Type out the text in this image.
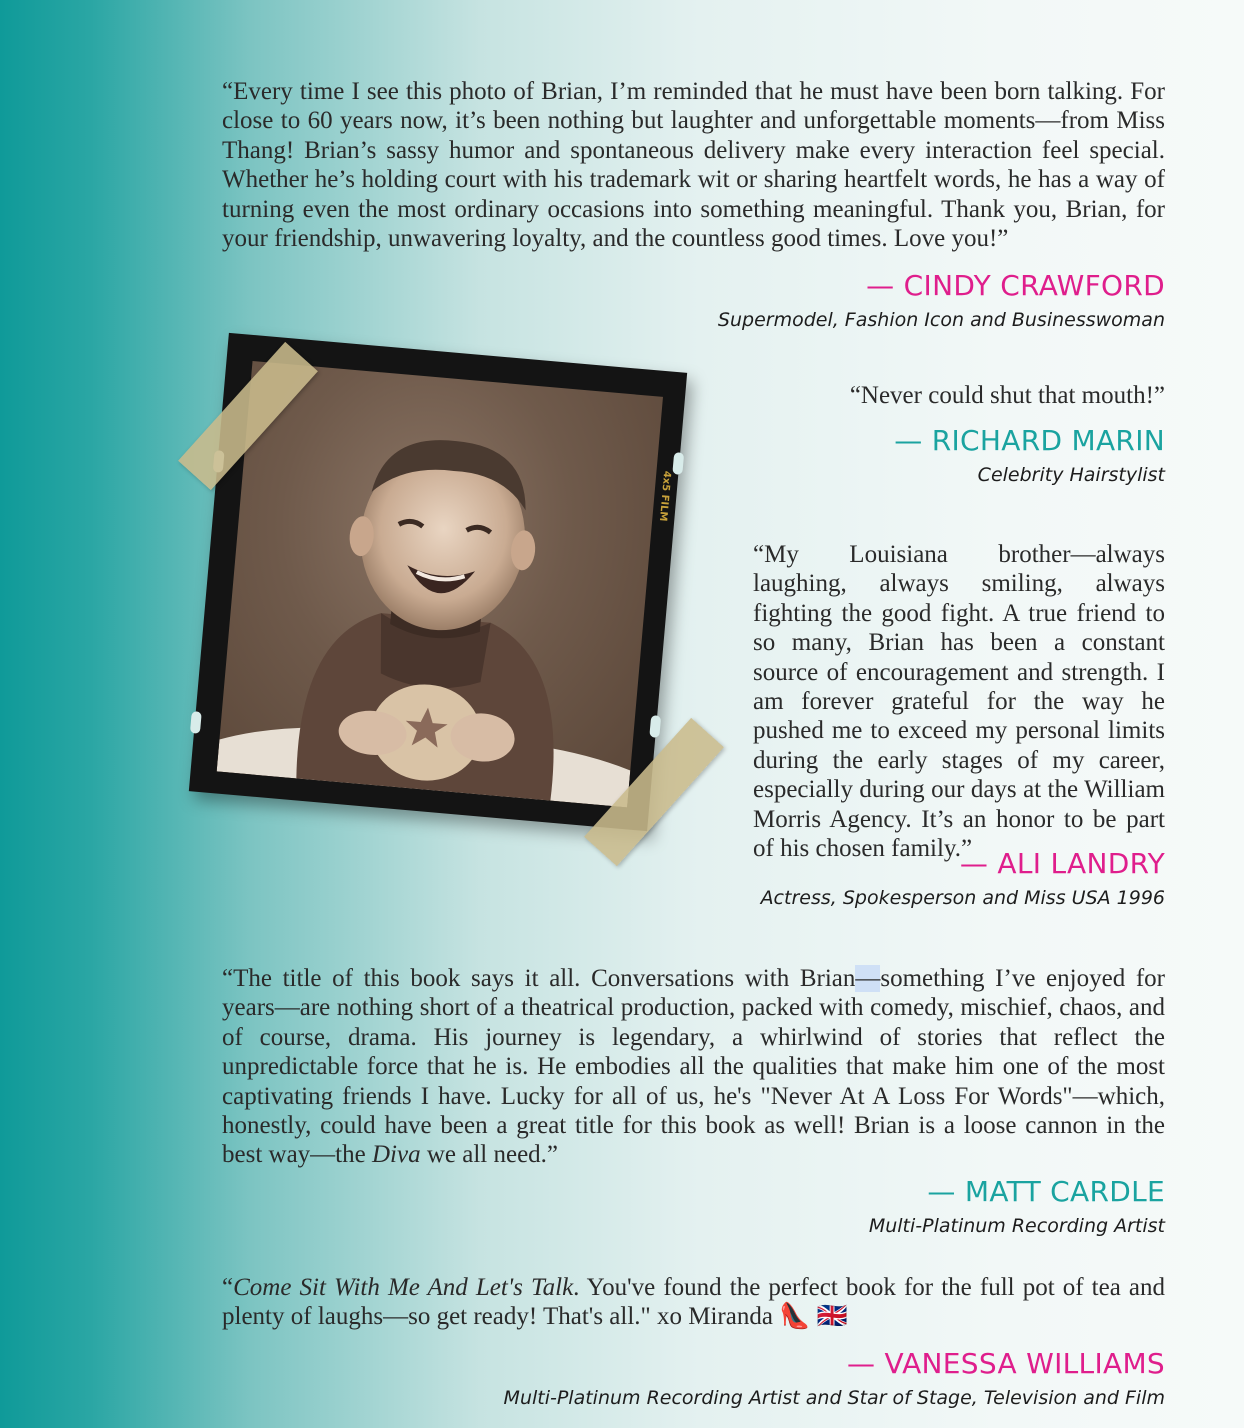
“Every time I see this photo of Brian, I’m reminded that he must have been born talking. For close to 60 years now, it’s been nothing but laughter and unforgettable moments—from Miss Thang! Brian’s sassy humor and spontaneous delivery make every interaction feel special. Whether he’s holding court with his trademark wit or sharing heartfelt words, he has a way of turning even the most ordinary occasions into something meaningful. Thank you, Brian, for your friendship, unwavering loyalty, and the countless good times. Love you!”

— CINDY CRAWFORD
Supermodel, Fashion Icon and Businesswoman
4x5 FILM

“Never could shut that mouth!”

— RICHARD MARIN
Celebrity Hairstylist

“My Louisiana brother—always laughing, always smiling, always fighting the good fight. A true friend to so many, Brian has been a constant source of encouragement and strength. I am forever grateful for the way he pushed me to exceed my personal limits during the early stages of my career, especially during our days at the William Morris Agency. It’s an honor to be part of his chosen family.”

— ALI LANDRY
Actress, Spokesperson and Miss USA 1996

“The title of this book says it all. Conversations with Brian—something I’ve enjoyed for years—are nothing short of a theatrical production, packed with comedy, mischief, chaos, and of course, drama. His journey is legendary, a whirlwind of stories that reflect the unpredictable force that he is. He embodies all the qualities that make him one of the most captivating friends I have. Lucky for all of us, he's "Never At A Loss For Words"—which, honestly, could have been a great title for this book as well! Brian is a loose cannon in the best way—the Diva we all need.”

— MATT CARDLE
Multi-Platinum Recording Artist

“Come Sit With Me And Let's Talk. You've found the perfect book for the full pot of tea and plenty of laughs—so get ready! That's all." xo Miranda 👠 🇬🇧

— VANESSA WILLIAMS
Multi-Platinum Recording Artist and Star of Stage, Television and Film
